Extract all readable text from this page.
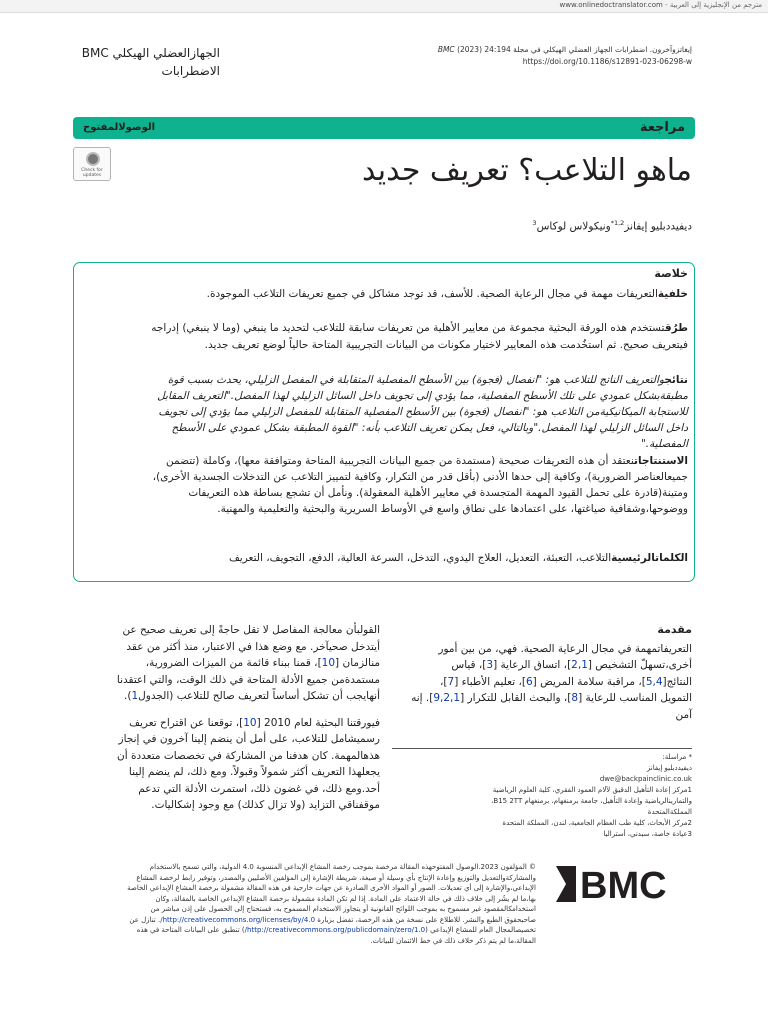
مترجم من الإنجليزية إلى العربية - www.onlinedoctranslator.com
الجهازالعضلي الهيكلي BMC
الاضطرابات
إيغاتزوآخرون. اضطرابات الجهاز العضلي الهيكلي في مجلة BMC (2023) 24:194
https://doi.org/10.1186/s12891-023-06298-w
مراجعة
الوصولالمفتوح
Check for updates	ماهو التلاعب؟ تعريف جديد
ديفيددبليو إيفانز$^{1,2*}$ونيكولاس لوكاس$^3$
خلاصة
خلفيةالتعريفات مهمة في مجال الرعاية الصحية. للأسف، قد توجد مشاكل في جميع تعريفات التلاعب الموجودة.
طرُقتستخدم هذه الورقة البحثية مجموعة من معايير الأهلية من تعريفات سابقة للتلاعب لتحديد ما ينبغي (وما لا ينبغي) إدراجه
فيتعريف صحيح. ثم استخُدمت هذه المعايير لاختيار مكونات من البيانات التجريبية المتاحة حالياً لوضع تعريف جديد.
نتائجوالتعريف الناتج للتلاعب هو: "انفصال (فجوة) بين الأسطح المفصلية المتقابلة في المفصل الزليلي، يحدث بسبب قوة
مطبقةبشكل عمودي على تلك الأسطح المفصلية، مما يؤدي إلى تجويف داخل السائل الزليلي لهذا المفصل."التعريف المقابل
للاستجابة الميكانيكيةمن التلاعب هو: "انفصال (فجوة) بين الأسطح المفصلية المتقابلة للمفصل الزليلي مما يؤدي إلى تجويف
داخل السائل الزليلي لهذا المفصل."وبالتالي، فعل يمكن تعريف التلاعب بأنه: "القوة المطبقة بشكل عمودي على الأسطح
المفصلية."
الاستنتاجاتنعتقد أن هذه التعريفات صحيحة (مستمدة من جميع البيانات التجريبية المتاحة ومتوافقة معها)، وكاملة (تتضمن
جميعالعناصر الضرورية)، وكافية إلى حدها الأدنى (بأقل قدر من التكرار، وكافية لتمييز التلاعب عن التدخلات الجسدية الأخرى)،
ومتينة(قادرة على تحمل القيود المهمة المتجسدة في معايير الأهلية المعقولة). ونأمل أن تشجع بساطة هذه التعريفات
ووضوحها،وشفافية صياغتها، على اعتمادها على نطاق واسع في الأوساط السريرية والبحثية والتعليمية والمهنية.
الكلماتالرئيسيةالتلاعب، التعبئة، التعديل، العلاج اليدوي، التدخل، السرعة العالية، الدفع، التجويف، التعريف
مقدمة
التعريفاتمهمة في مجال الرعاية الصحية. فهي، من بين أمور
أخرى،تسهلّ التشخيص [2,1]، اتساق الرعاية [3]، قياس
النتائج[5,4]، مراقبة سلامة المريض [6]، تعليم الأطباء [7]،
التمويل المناسب للرعاية [8]، والبحث القابل للتكرار [9,2,1]. إنه
آمن
القولبأن معالجة المفاصل لا تقل حاجةً إلى تعريف صحيح عن
أيتدخل صحيآخر. مع وضع هذا في الاعتبار، منذ أكثر من عقد
منالزمان [10]، قمنا ببناء قائمة من الميزات الضرورية،
مستمدةمن جميع الأدلة المتاحة في ذلك الوقت، والتي اعتقدنا
أنهايجب أن تشكل أساساً لتعريف صالح للتلاعب (الجدول1).
فيورقتنا البحثية لعام 2010 [10]، توقعنا عن اقتراح تعريف
رسميشامل للتلاعب، على أمل أن ينضم إلينا آخرون في إنجاز
هذهالمهمة. كان هدفنا من المشاركة في تخصصات متعددة أن
يجعلهذا التعريف أكثر شمولاً وقبولاً. ومع ذلك، لم ينضم إلينا
أحد.ومع ذلك، في غضون ذلك، استمرت الأدلة التي تدعم
موقفناقي التزايد (ولا تزال كذلك) مع وجود إشكاليات.
* مراسلة:
ديفيددبليو إيفانز
dwe@backpainclinic.co.uk
1مركز إعادة التأهيل الدقيق لآلام العمود الفقري، كلية العلوم الرياضية
والتمارينالرياضية وإعادة التأهيل، جامعة برمنغهام، برمنغهام B15 2TT،
المملكةالمتحدة
2مركز الأبحاث، كلية طب العظام الجامعية، لندن، المملكة المتحدة
3عيادة خاصة، سيدني، أستراليا
BMC
© المؤلفون 2023.الوصول المفتوحهذه المقالة مرخصة بموجب رخصة المشاع الإبداعي المنسوبة 4.0 الدولية، والتي تسمح بالاستخدام
والمشاركةوالتعديل والتوزيع وإعادة الإنتاج بأي وسيلة أو صيغة، شريطة الإشارة إلى المؤلفين الأصليين والمصدر، وتوفير رابط لرخصة المشاع
الإبداعي،والإشارة إلى أي تعديلات. الصور أو المواد الأخرى الصادرة عن جهات خارجية في هذه المقالة مشمولة برخصة المشاع الإبداعي الخاصة
بها،ما لم يشُر إلى خلاف ذلك في حالة الاعتماد على المادة. إذا لم تكن المادة مشمولة برخصة المشاع الإبداعي الخاصة بالمقالة، وكان
استخدامكالمقصود غير مسموح به بموجب اللوائح القانونية أو يتجاوز الاستخدام المسموح به، فستحتاج إلى الحصول على إذن مباشر من
صاحبحقوق الطبع والنشر. للاطلاع على نسخة من هذه الرخصة، تفضل بزيارة http://creativecommons.org/licenses/by/4.0/. تنازل عن
تخصيصالمجال العام للمشاع الإبداعي (http://creativecommons.org/publicdomain/zero/1.0/) تنطبق على البيانات المتاحة في هذه
المقالة،ما لم يتم ذكر خلاف ذلك في خط الائتمان للبيانات.
